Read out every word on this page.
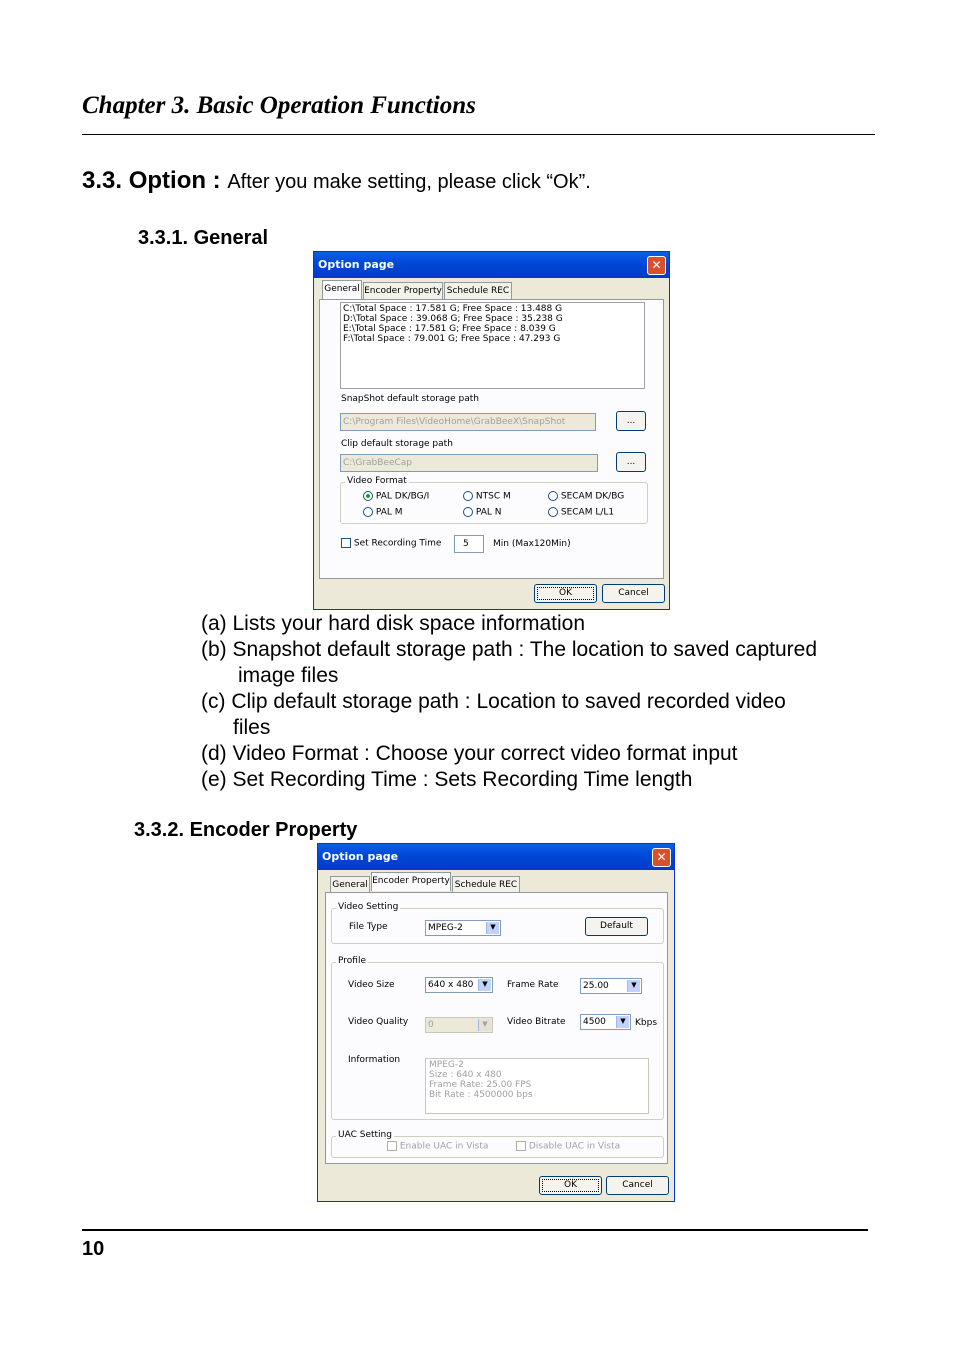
Chapter 3. Basic Operation Functions
3.3. Option : After you make setting, please click “Ok”.
3.3.1. General
Option page	✕
General Encoder Property Schedule REC
C:\Total Space : 17.581 G; Free Space : 13.488 G
D:\Total Space : 39.068 G; Free Space : 35.238 G
E:\Total Space : 17.581 G; Free Space : 8.039 G
F:\Total Space : 79.001 G; Free Space : 47.293 G
SnapShot default storage path
C:\Program Files\VideoHome\GrabBeeX\SnapShot	...
Clip default storage path
C:\GrabBeeCap	...
Video Format
PAL DK/BG/I	NTSC M	SECAM DK/BG
PAL M	PAL N	SECAM L/L1
Set Recording Time	5	Min (Max120Min)
OK	Cancel
(a) Lists your hard disk space information
(b) Snapshot default storage path : The location to saved captured
image files
(c) Clip default storage path : Location to saved recorded video
files
(d) Video Format : Choose your correct video format input
(e) Set Recording Time : Sets Recording Time length
3.3.2. Encoder Property
Option page	✕
General Encoder Property Schedule REC
Video Setting
File Type	MPEG-2	▼	Default
Profile
Video Size	640 x 480	▼	Frame Rate	25.00	▼
Video Quality	0	▼	Video Bitrate	4500	▼	Kbps
Information	MPEG-2
Size : 640 x 480
Frame Rate: 25.00 FPS
Bit Rate : 4500000 bps
UAC Setting
Enable UAC in Vista	Disable UAC in Vista
OK	Cancel
10
